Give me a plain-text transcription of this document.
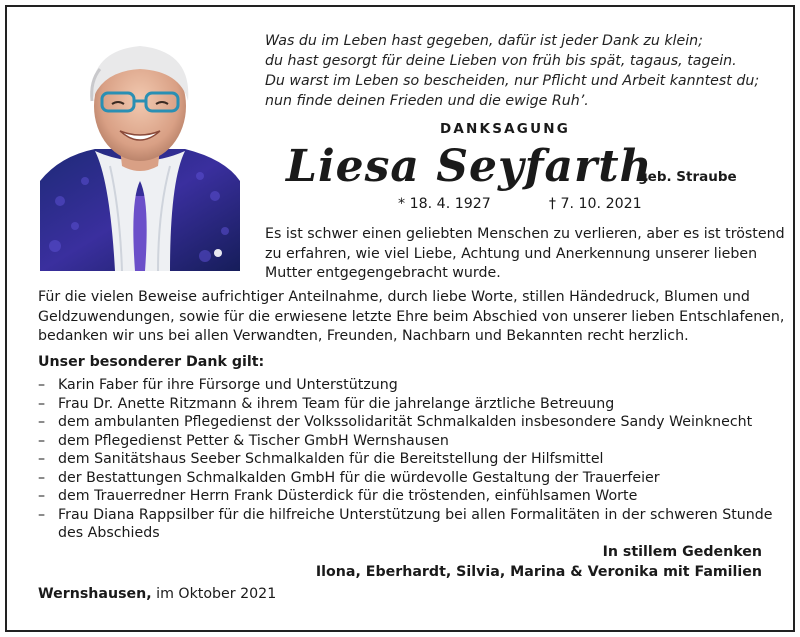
Was du im Leben hast gegeben, dafür ist jeder Dank zu klein;
du hast gesorgt für deine Lieben von früh bis spät, tagaus, tagein.
Du warst im Leben so bescheiden, nur Pflicht und Arbeit kanntest du;
nun finde deinen Frieden und die ewige Ruh’.
DANKSAGUNG
Liesa Seyfarth
geb. Straube
* 18. 4. 1927	† 7. 10. 2021
Es ist schwer einen geliebten Menschen zu verlieren, aber es ist tröstend
zu erfahren, wie viel Liebe, Achtung und Anerkennung unserer lieben
Mutter entgegengebracht wurde.
Für die vielen Beweise aufrichtiger Anteilnahme, durch liebe Worte, stillen Händedruck, Blumen und
Geldzuwendungen, sowie für die erwiesene letzte Ehre beim Abschied von unserer lieben Entschlafenen,
bedanken wir uns bei allen Verwandten, Freunden, Nachbarn und Bekannten recht herzlich.
Unser besonderer Dank gilt:
– Karin Faber für ihre Fürsorge und Unterstützung
– Frau Dr. Anette Ritzmann & ihrem Team für die jahrelange ärztliche Betreuung
– dem ambulanten Pflegedienst der Volkssolidarität Schmalkalden insbesondere Sandy Weinknecht
– dem Pflegedienst Petter & Tischer GmbH Wernshausen
– dem Sanitätshaus Seeber Schmalkalden für die Bereitstellung der Hilfsmittel
– der Bestattungen Schmalkalden GmbH für die würdevolle Gestaltung der Trauerfeier
– dem Trauerredner Herrn Frank Düsterdick für die tröstenden, einfühlsamen Worte
– Frau Diana Rappsilber für die hilfreiche Unterstützung bei allen Formalitäten in der schweren Stunde
des Abschieds
In stillem Gedenken
Ilona, Eberhardt, Silvia, Marina & Veronika mit Familien
Wernshausen, im Oktober 2021
